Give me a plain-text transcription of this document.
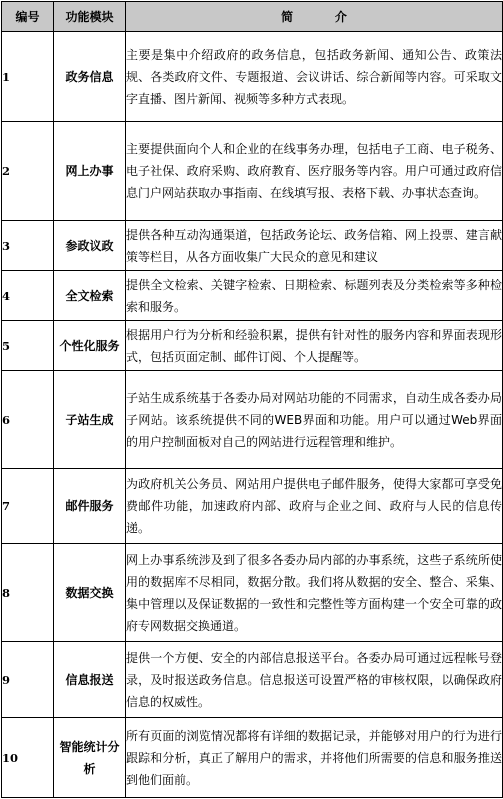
编号	功能模块	简          介
1	政务信息	主要是集中介绍政府的政务信息，包括政务新闻、通知公告、政策法规、各类政府文件、专题报道、会议讲话、综合新闻等内容。可采取文字直播、图片新闻、视频等多种方式表现。
2	网上办事	主要提供面向个人和企业的在线事务办理，包括电子工商、电子税务、电子社保、政府采购、政府教育、医疗服务等内容。用户可通过政府信息门户网站获取办事指南、在线填写报、表格下载、办事状态查询。
3	参政议政	提供各种互动沟通渠道，包括政务论坛、政务信箱、网上投票、建言献策等栏目，从各方面收集广大民众的意见和建议
4	全文检索	提供全文检索、关键字检索、日期检索、标题列表及分类检索等多种检索和服务。
5	个性化服务	根据用户行为分析和经验积累，提供有针对性的服务内容和界面表现形式，包括页面定制、邮件订阅、个人提醒等。
6	子站生成	子站生成系统基于各委办局对网站功能的不同需求，自动生成各委办局子网站。该系统提供不同的WEB界面和功能。用户可以通过Web界面的用户控制面板对自己的网站进行远程管理和维护。
7	邮件服务	为政府机关公务员、网站用户提供电子邮件服务，使得大家都可享受免费邮件功能，加速政府内部、政府与企业之间、政府与人民的信息传递。
8	数据交换	网上办事系统涉及到了很多各委办局内部的办事系统，这些子系统所使用的数据库不尽相同，数据分散。我们将从数据的安全、整合、采集、集中管理以及保证数据的一致性和完整性等方面构建一个安全可靠的政府专网数据交换通道。
9	信息报送	提供一个方便、安全的内部信息报送平台。各委办局可通过远程帐号登录，及时报送政务信息。信息报送可设置严格的审核权限，以确保政府信息的权威性。
10	智能统计分析	所有页面的浏览情况都将有详细的数据记录，并能够对用户的行为进行跟踪和分析，真正了解用户的需求，并将他们所需要的信息和服务推送到他们面前。
